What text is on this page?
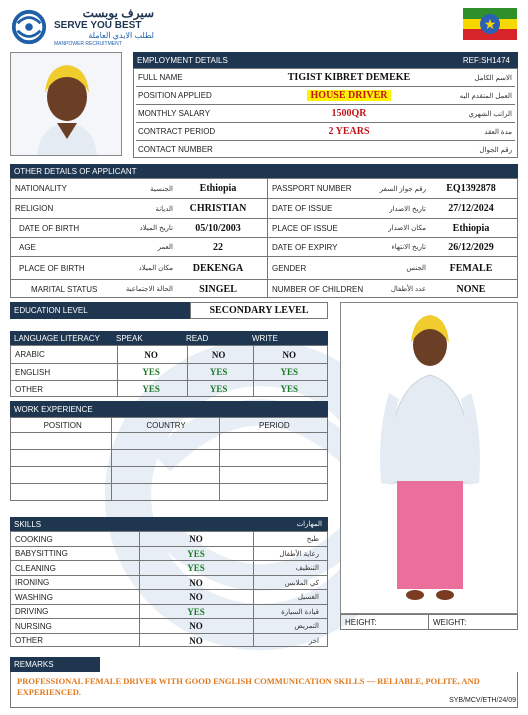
سيرف يوبست
SERVE YOU BEST
لطلب الايدي العاملة
MANPOWER RECRUITMENT
★
EMPLOYMENT DETAILS	REF:SH1474
FULL NAME	TIGIST KIBRET DEMEKE	الاسم الكامل
POSITION APPLIED	HOUSE DRIVER	العمل المتقدم اليه
MONTHLY SALARY	1500QR	الراتب الشهري
CONTRACT PERIOD	2 YEARS	مدة العقد
CONTACT NUMBER	رقم الجوال
OTHER DETAILS OF APPLICANT
NATIONALITY	الجنسية	Ethiopia
RELIGION	الديانة	CHRISTIAN
DATE OF BIRTH	تاريخ الميلاد	05/10/2003
AGE	العمر	22
PLACE OF BIRTH	مكان الميلاد	DEKENGA
MARITAL STATUS	الحالة الاجتماعية	SINGEL
PASSPORT NUMBER	رقم جواز السفر	EQ1392878
DATE OF ISSUE	تاريخ الاصدار	27/12/2024
PLACE OF ISSUE	مكان الاصدار	Ethiopia
DATE OF EXPIRY	تاريخ الانتهاء	26/12/2029
GENDER	الجنس	FEMALE
NUMBER OF CHILDREN	عدد الأطفال	NONE
EDUCATION LEVEL	SECONDARY LEVEL
HEIGHT:	WEIGHT:
LANGUAGE LITERACY	SPEAK	READ	WRITE
ARABIC	NO	NO	NO
ENGLISH	YES	YES	YES
OTHER	YES	YES	YES
WORK EXPERIENCE
POSITION	COUNTRY	PERIOD
SKILLS	المهارات
COOKING	NO	طبخ
BABYSITTING	YES	رعاية الأطفال
CLEANING	YES	التنظيف
IRONING	NO	كي الملابس
WASHING	NO	الغسيل
DRIVING	YES	قيادة السيارة
NURSING	NO	التمريض
OTHER	NO	اخر
REMARKS
PROFESSIONAL FEMALE DRIVER WITH GOOD ENGLISH COMMUNICATION SKILLS — RELIABLE, POLITE, AND EXPERIENCED.
SYB/MCV/ETH/24/09
